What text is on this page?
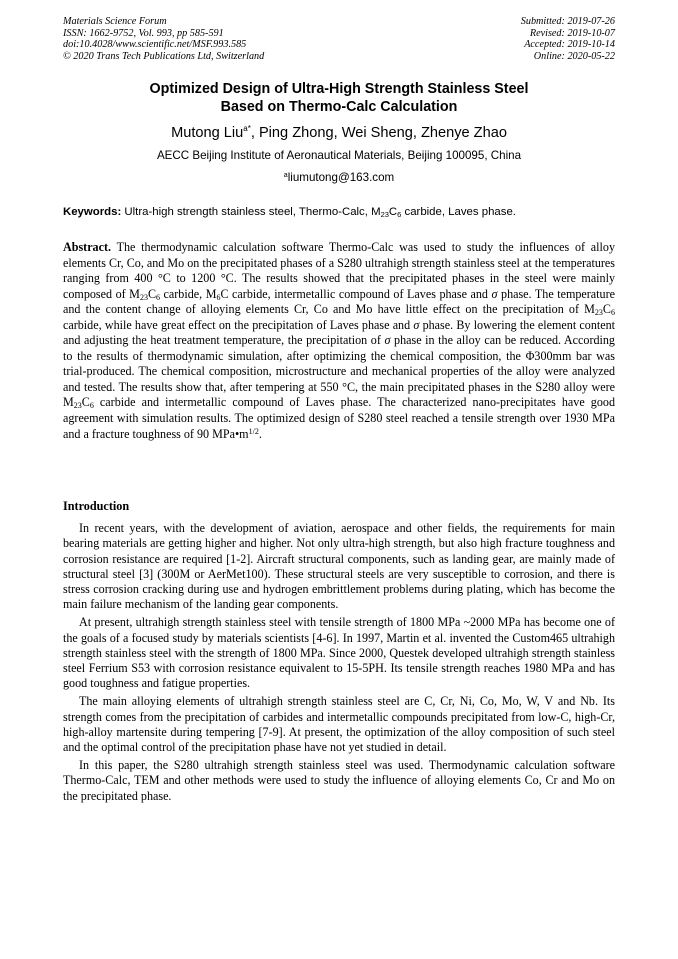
Materials Science Forum
ISSN: 1662-9752, Vol. 993, pp 585-591
doi:10.4028/www.scientific.net/MSF.993.585
© 2020 Trans Tech Publications Ltd, Switzerland
Submitted: 2019-07-26
Revised: 2019-10-07
Accepted: 2019-10-14
Online: 2020-05-22
Optimized Design of Ultra-High Strength Stainless Steel
Based on Thermo-Calc Calculation
Mutong Liu$^{a*}$, Ping Zhong, Wei Sheng, Zhenye Zhao
AECC Beijing Institute of Aeronautical Materials, Beijing 100095, China
$^a$liumutong@163.com
Keywords: Ultra-high strength stainless steel, Thermo-Calc, $M_{23}C_6$ carbide, Laves phase.
Abstract. The thermodynamic calculation software Thermo-Calc was used to study the influences of alloy elements Cr, Co, and Mo on the precipitated phases of a S280 ultrahigh strength stainless steel at the temperatures ranging from 400 °C to 1200 °C. The results showed that the precipitated phases in the steel were mainly composed of $M_{23}C_6$ carbide, $M_6C$ carbide, intermetallic compound of Laves phase and σ phase. The temperature and the content change of alloying elements Cr, Co and Mo have little effect on the precipitation of $M_{23}C_6$ carbide, while have great effect on the precipitation of Laves phase and σ phase. By lowering the element content and adjusting the heat treatment temperature, the precipitation of σ phase in the alloy can be reduced. According to the results of thermodynamic simulation, after optimizing the chemical composition, the Φ300mm bar was trial-produced. The chemical composition, microstructure and mechanical properties of the alloy were analyzed and tested. The results show that, after tempering at 550 °C, the main precipitated phases in the S280 alloy were $M_{23}C_6$ carbide and intermetallic compound of Laves phase. The characterized nano-precipitates have good agreement with simulation results. The optimized design of S280 steel reached a tensile strength over 1930 MPa and a fracture toughness of 90 $MPa•m^{1/2}$.
Introduction

In recent years, with the development of aviation, aerospace and other fields, the requirements for main bearing materials are getting higher and higher. Not only ultra-high strength, but also high fracture toughness and corrosion resistance are required [1-2]. Aircraft structural components, such as landing gear, are mainly made of structural steel [3] (300M or AerMet100). These structural steels are very susceptible to corrosion, and there is stress corrosion cracking during use and hydrogen embrittlement problems during plating, which has become the main failure mechanism of the landing gear components.

At present, ultrahigh strength stainless steel with tensile strength of 1800 MPa ~2000 MPa has become one of the goals of a focused study by materials scientists [4-6]. In 1997, Martin et al. invented the Custom465 ultrahigh strength stainless steel with the strength of 1800 MPa. Since 2000, Questek developed ultrahigh strength stainless steel Ferrium S53 with corrosion resistance equivalent to 15-5PH. Its tensile strength reaches 1980 MPa and has good toughness and fatigue properties.

The main alloying elements of ultrahigh strength stainless steel are C, Cr, Ni, Co, Mo, W, V and Nb. Its strength comes from the precipitation of carbides and intermetallic compounds precipitated from low-C, high-Cr, high-alloy martensite during tempering [7-9]. At present, the optimization of the alloy composition of such steel and the optimal control of the precipitation phase have not yet studied in detail.

In this paper, the S280 ultrahigh strength stainless steel was used. Thermodynamic calculation software Thermo-Calc, TEM and other methods were used to study the influence of alloying elements Co, Cr and Mo on the precipitated phase.
